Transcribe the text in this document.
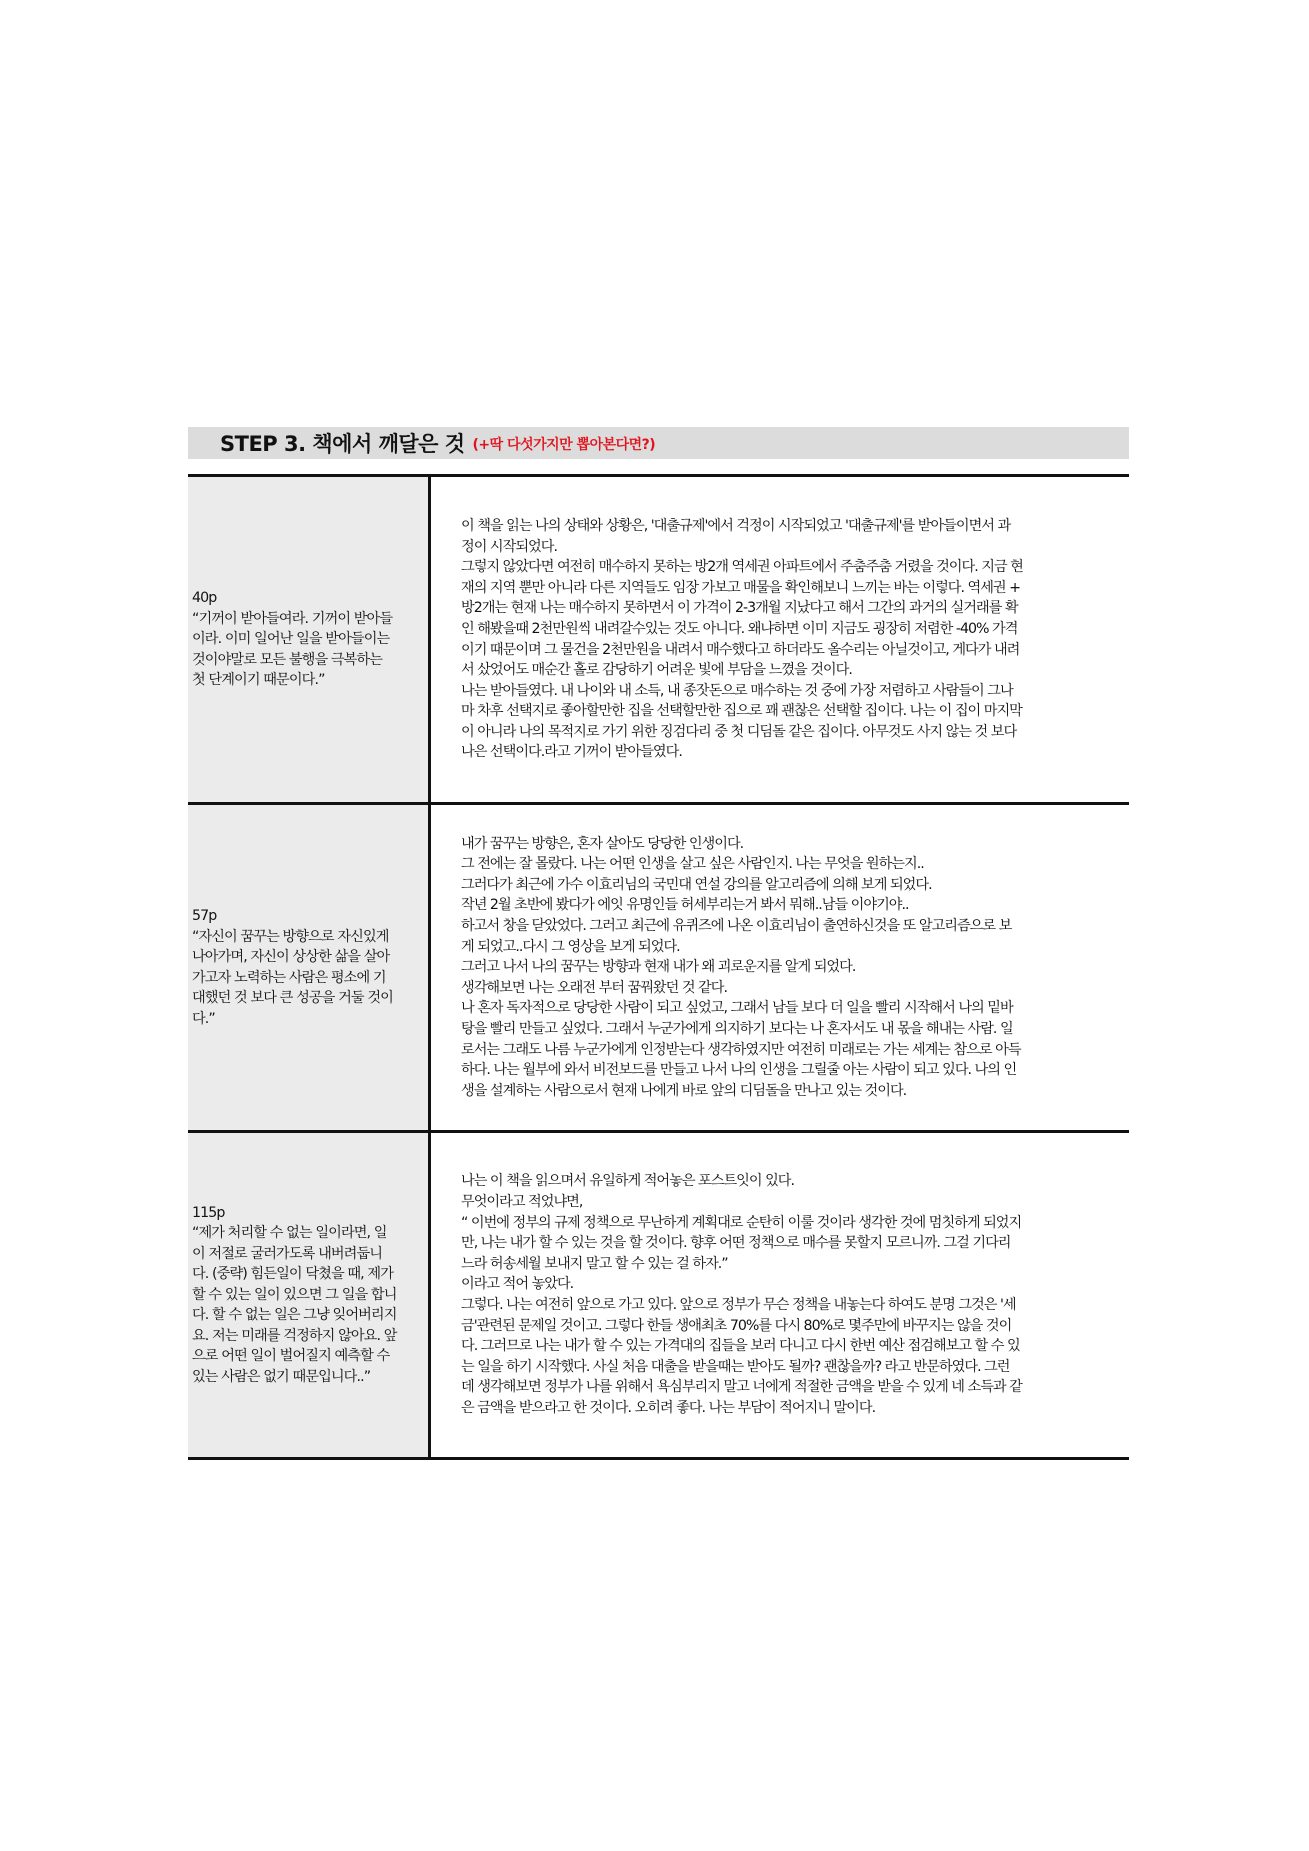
STEP 3. 책에서 깨달은 것 (+딱 다섯가지만 뽑아본다면?)
40p
“기꺼이 받아들여라. 기꺼이 받아들
이라. 이미 일어난 일을 받아들이는
것이야말로 모든 불행을 극복하는
첫 단계이기 때문이다.”

이 책을 읽는 나의 상태와 상황은, '대출규제'에서 걱정이 시작되었고 '대출규제'를 받아들이면서 과
정이 시작되었다.

그렇지 않았다면 여전히 매수하지 못하는 방2개 역세권 아파트에서 주춤주춤 거렸을 것이다. 지금 현
재의 지역 뿐만 아니라 다른 지역들도 임장 가보고 매물을 확인해보니 느끼는 바는 이렇다. 역세권 +
방2개는 현재 나는 매수하지 못하면서 이 가격이 2-3개월 지났다고 해서 그간의 과거의 실거래를 확
인 해봤을때 2천만원씩 내려갈수있는 것도 아니다. 왜냐하면 이미 지금도 굉장히 저렴한 -40% 가격
이기 때문이며 그 물건을 2천만원을 내려서 매수했다고 하더라도 올수리는 아닐것이고, 게다가 내려
서 샀었어도 매순간 홀로 감당하기 어려운 빛에 부담을 느꼈을 것이다.

나는 받아들였다. 내 나이와 내 소득, 내 종잣돈으로 매수하는 것 중에 가장 저렴하고 사람들이 그나
마 차후 선택지로 좋아할만한 집을 선택할만한 집으로 꽤 괜찮은 선택할 집이다. 나는 이 집이 마지막
이 아니라 나의 목적지로 가기 위한 징검다리 중 첫 디딤돌 같은 집이다. 아무것도 사지 않는 것 보다
나은 선택이다.라고 기꺼이 받아들였다.

57p
“자신이 꿈꾸는 방향으로 자신있게
나아가며, 자신이 상상한 삶을 살아
가고자 노력하는 사람은 평소에 기
대했던 것 보다 큰 성공을 거둘 것이
다.”

내가 꿈꾸는 방향은, 혼자 살아도 당당한 인생이다.

그 전에는 잘 몰랐다. 나는 어떤 인생을 살고 싶은 사람인지. 나는 무엇을 원하는지..

그러다가 최근에 가수 이효리님의 국민대 연설 강의를 알고리즘에 의해 보게 되었다.

작년 2월 초반에 봤다가 에잇 유명인들 허세부리는거 봐서 뭐해..남들 이야기야..

하고서 창을 닫았었다. 그러고 최근에 유퀴즈에 나온 이효리님이 출연하신것을 또 알고리즘으로 보
게 되었고..다시 그 영상을 보게 되었다.

그러고 나서 나의 꿈꾸는 방향과 현재 내가 왜 괴로운지를 알게 되었다.

생각해보면 나는 오래전 부터 꿈꿔왔던 것 같다.

나 혼자 독자적으로 당당한 사람이 되고 싶었고, 그래서 남들 보다 더 일을 빨리 시작해서 나의 밑바
탕을 빨리 만들고 싶었다. 그래서 누군가에게 의지하기 보다는 나 혼자서도 내 몫을 해내는 사람. 일
로서는 그래도 나름 누군가에게 인정받는다 생각하였지만 여전히 미래로는 가는 세계는 참으로 아득
하다. 나는 월부에 와서 비전보드를 만들고 나서 나의 인생을 그릴줄 아는 사람이 되고 있다. 나의 인
생을 설계하는 사람으로서 현재 나에게 바로 앞의 디딤돌을 만나고 있는 것이다.

115p
“제가 처리할 수 없는 일이라면, 일
이 저절로 굴러가도록 내버려둡니
다. (중략) 힘든일이 닥쳤을 때, 제가
할 수 있는 일이 있으면 그 일을 합니
다. 할 수 없는 일은 그냥 잊어버리지
요. 저는 미래를 걱정하지 않아요. 앞
으로 어떤 일이 벌어질지 예측할 수
있는 사람은 없기 때문입니다..”

나는 이 책을 읽으며서 유일하게 적어놓은 포스트잇이 있다.

무엇이라고 적었냐면,

“ 이번에 정부의 규제 정책으로 무난하게 계획대로 순탄히 이룰 것이라 생각한 것에 멈칫하게 되었지
만, 나는 내가 할 수 있는 것을 할 것이다. 향후 어떤 정책으로 매수를 못할지 모르니까. 그걸 기다리
느라 허송세월 보내지 말고 할 수 있는 걸 하자.”

이라고 적어 놓았다.

그렇다. 나는 여전히 앞으로 가고 있다. 앞으로 정부가 무슨 정책을 내놓는다 하여도 분명 그것은 '세
금'관련된 문제일 것이고. 그렇다 한들 생애최초 70%를 다시 80%로 몇주만에 바꾸지는 않을 것이
다. 그러므로 나는 내가 할 수 있는 가격대의 집들을 보러 다니고 다시 한번 예산 점검해보고 할 수 있
는 일을 하기 시작했다. 사실 처음 대출을 받을때는 받아도 될까? 괜찮을까? 라고 반문하였다. 그런
데 생각해보면 정부가 나를 위해서 욕심부리지 말고 너에게 적절한 금액을 받을 수 있게 네 소득과 같
은 금액을 받으라고 한 것이다. 오히려 좋다. 나는 부담이 적어지니 말이다.
